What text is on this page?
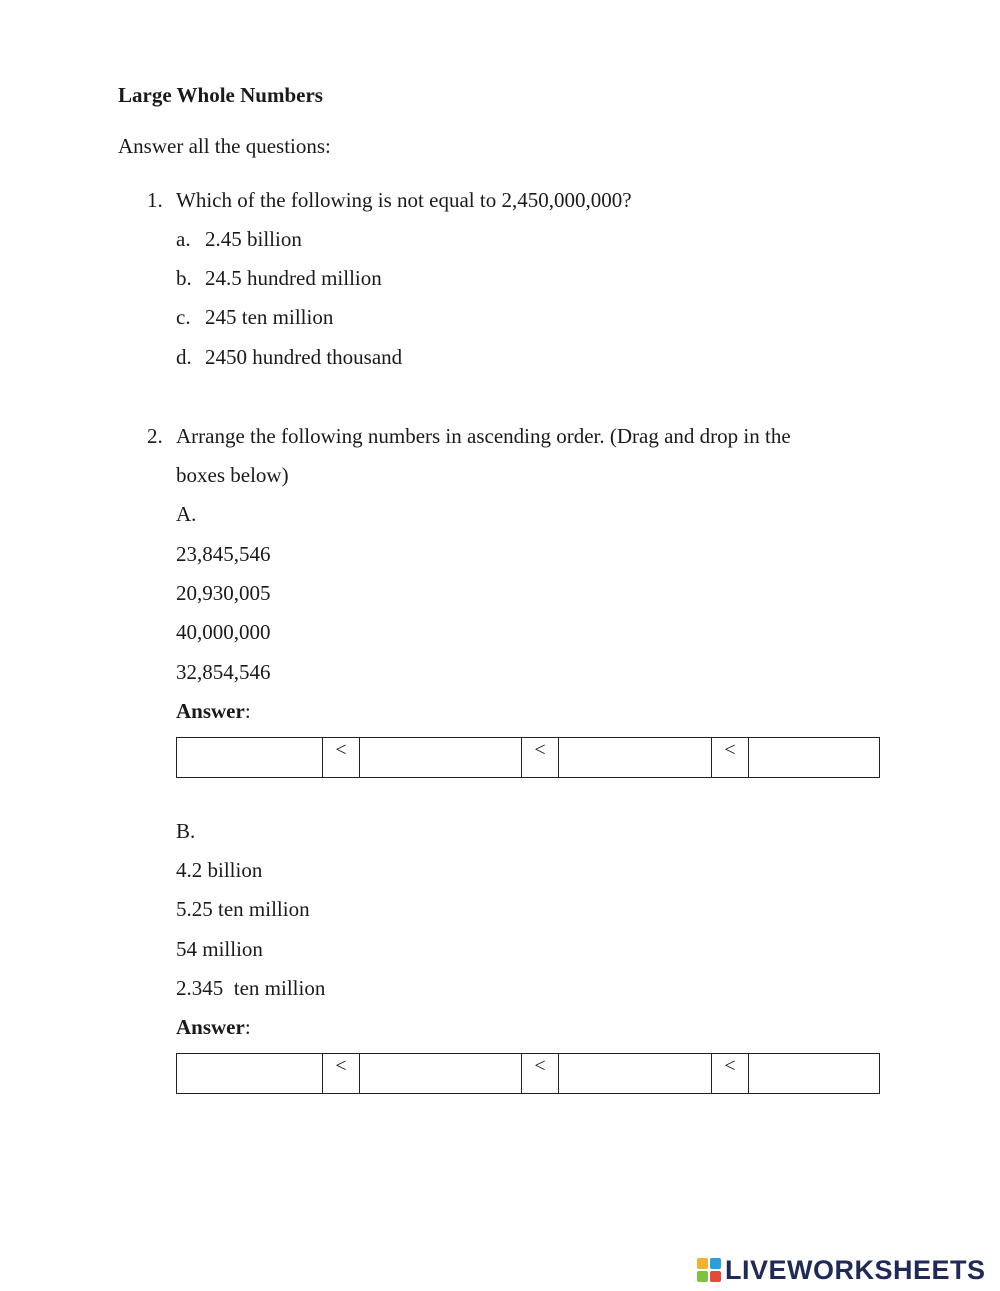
Large Whole Numbers
Answer all the questions:
1. Which of the following is not equal to 2,450,000,000?
a. 2.45 billion
b. 24.5 hundred million
c. 245 ten million
d. 2450 hundred thousand
2. Arrange the following numbers in ascending order. (Drag and drop in the
boxes below)
A.
23,845,546
20,930,005
40,000,000
32,854,546
Answer:
<	<	<
B.
4.2 billion
5.25 ten million
54 million
2.345  ten million
Answer:
<	<	<
LIVEWORKSHEETS
